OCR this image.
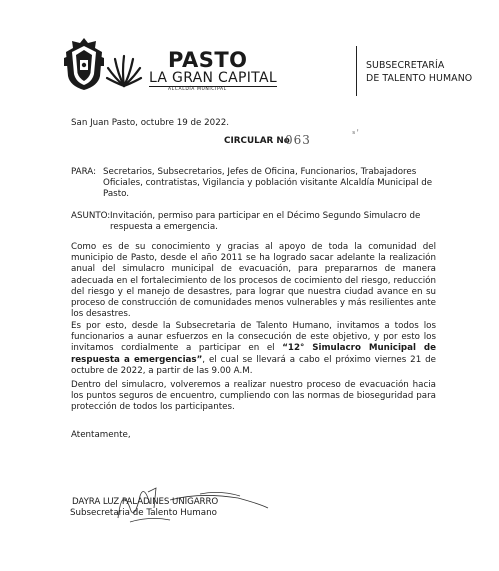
PASTO
LA GRAN CAPITAL
ALCALDÍA MUNICIPAL
SUBSECRETARÍA
DE TALENTO HUMANO
San Juan Pasto, octubre 19 de 2022.
CIRCULAR No
063	ˢ᾿
PARA: Secretarios, Subsecretarios, Jefes de Oficina, Funcionarios, Trabajadores Oficiales, contratistas, Vigilancia y población visitante Alcaldía Municipal de Pasto.
ASUNTO: Invitación, permiso para participar en el Décimo Segundo Simulacro de respuesta a emergencia.
Como es de su conocimiento y gracias al apoyo de toda la comunidad del municipio de Pasto, desde el año 2011 se ha logrado sacar adelante la realización anual del simulacro municipal de evacuación, para prepararnos de manera adecuada en el fortalecimiento de los procesos de cocimiento del riesgo, reducción del riesgo y el manejo de desastres, para lograr que nuestra ciudad avance en su proceso de construcción de comunidades menos vulnerables y más resilientes ante los desastres.
Es por esto, desde la Subsecretaria de Talento Humano, invitamos a todos los funcionarios a aunar esfuerzos en la consecución de este objetivo, y por esto los invitamos cordialmente a participar en el “12° Simulacro Municipal de respuesta a emergencias”, el cual se llevará a cabo el próximo viernes 21 de octubre de 2022, a partir de las 9.00 A.M.
Dentro del simulacro, volveremos a realizar nuestro proceso de evacuación hacia los puntos seguros de encuentro, cumpliendo con las normas de bioseguridad para protección de todos los participantes.
Atentamente,
DAYRA LUZ PALADINES UNIGARRO
Subsecretaria de Talento Humano
